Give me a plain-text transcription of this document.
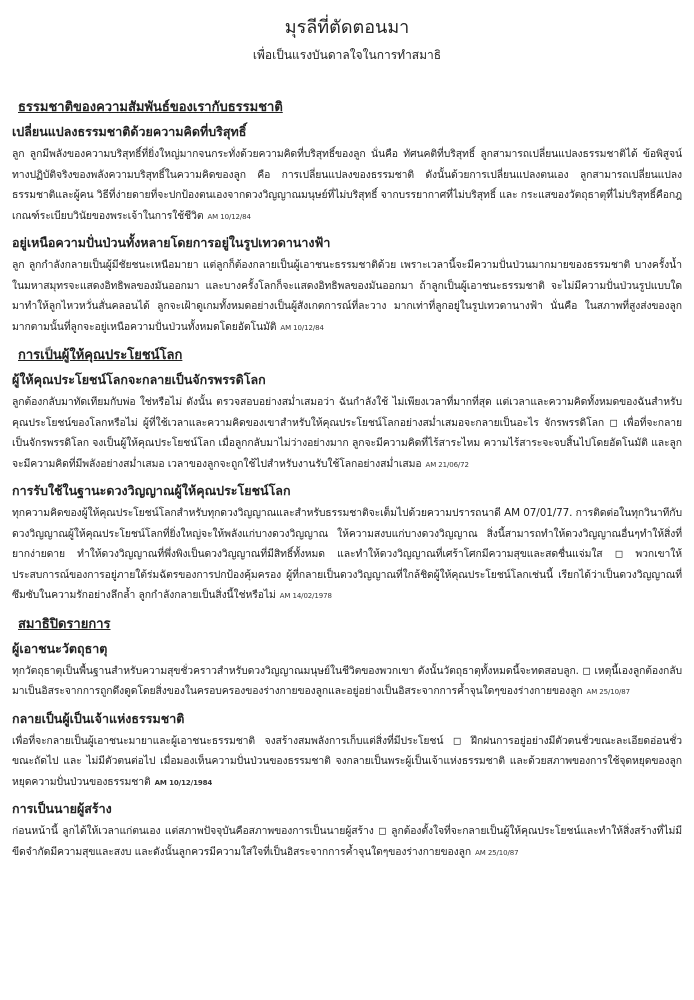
มุรลีที่ตัดตอนมา
เพื่อเป็นแรงบันดาลใจในการทำสมาธิ
ธรรมชาติของความสัมพันธ์ของเรากับธรรมชาติ
เปลี่ยนแปลงธรรมชาติด้วยความคิดที่บริสุทธิ์

ลูก ลูกมีพลังของความบริสุทธิ์ที่ยิ่งใหญ่มากจนกระทั่งด้วยความคิดที่บริสุทธิ์ของลูก นั่นคือ ทัศนคติที่บริสุทธิ์ ลูกสามารถเปลี่ยนแปลงธรรมชาติได้ ข้อพิสูจน์ทางปฏิบัติจริงของพลังความบริสุทธิ์ในความคิดของลูก คือ การเปลี่ยนแปลงของธรรมชาติ ดังนั้นด้วยการเปลี่ยนแปลงตนเอง ลูกสามารถเปลี่ยนแปลงธรรมชาติและผู้คน วิธีที่ง่ายดายที่จะปกป้องตนเองจากดวงวิญญาณมนุษย์ที่ไม่บริสุทธิ์ จากบรรยากาศที่ไม่บริสุทธิ์ และ กระแสของวัตถุธาตุที่ไม่บริสุทธิ์คือกฎเกณฑ์ระเบียบวินัยของพระเจ้าในการใช้ชีวิต AM 10/12/84

อยู่เหนือความปั่นป่วนทั้งหลายโดยการอยู่ในรูปเทวดานางฟ้า

ลูก ลูกกำลังกลายเป็นผู้มีชัยชนะเหนือมายา แต่ลูกก็ต้องกลายเป็นผู้เอาชนะธรรมชาติด้วย เพราะเวลานี้จะมีความปั่นป่วนมากมายของธรรมชาติ บางครั้งน้ำในมหาสมุทรจะแสดงอิทธิพลของมันออกมา และบางครั้งโลกก็จะแสดงอิทธิพลของมันออกมา ถ้าลูกเป็นผู้เอาชนะธรรมชาติ จะไม่มีความปั่นป่วนรูปแบบใดมาทำให้ลูกไหวหวั่นสั่นคลอนได้ ลูกจะเฝ้าดูเกมทั้งหมดอย่างเป็นผู้สังเกตการณ์ที่ละวาง มากเท่าที่ลูกอยู่ในรูปเทวดานางฟ้า นั่นคือ ในสภาพที่สูงส่งของลูก มากตามนั้นที่ลูกจะอยู่เหนือความปั่นป่วนทั้งหมดโดยอัตโนมัติ AM 10/12/84

การเป็นผู้ให้คุณประโยชน์โลก
ผู้ให้คุณประโยชน์โลกจะกลายเป็นจักรพรรดิโลก

ลูกต้องกลับมาทัดเทียมกับพ่อ ใช่หรือไม่ ดังนั้น ตรวจสอบอย่างสม่ำเสมอว่า ฉันกำลังใช้ ไม่เพียงเวลาที่มากที่สุด แต่เวลาและความคิดทั้งหมดของฉันสำหรับคุณประโยชน์ของโลกหรือไม่ ผู้ที่ใช้เวลาและความคิดของเขาสำหรับให้คุณประโยชน์โลกอย่างสม่ำเสมอจะกลายเป็นอะไร จักรพรรดิโลก ◻ เพื่อที่จะกลายเป็นจักรพรรดิโลก จงเป็นผู้ให้คุณประโยชน์โลก เมื่อลูกกลับมาไม่ว่างอย่างมาก ลูกจะมีความคิดที่ไร้สาระไหม ความไร้สาระจะจบสิ้นไปโดยอัตโนมัติ และลูกจะมีความคิดที่มีพลังอย่างสม่ำเสมอ เวลาของลูกจะถูกใช้ไปสำหรับงานรับใช้โลกอย่างสม่ำเสมอ AM 21/06/72

การรับใช้ในฐานะดวงวิญญาณผู้ให้คุณประโยชน์โลก

ทุกความคิดของผู้ให้คุณประโยชน์โลกสำหรับทุกดวงวิญญาณและสำหรับธรรมชาติจะเต็มไปด้วยความปรารถนาดี AM 07/01/77. การติดต่อในทุกวินาทีกับดวงวิญญาณผู้ให้คุณประโยชน์โลกที่ยิ่งใหญ่จะให้พลังแก่บางดวงวิญญาณ ให้ความสงบแก่บางดวงวิญญาณ สิ่งนี้สามารถทำให้ดวงวิญญาณอื่นๆทำให้สิ่งที่ยากง่ายดาย ทำให้ดวงวิญญาณที่พึ่งพิงเป็นดวงวิญญาณที่มีสิทธิ์ทั้งหมด และทำให้ดวงวิญญาณที่เศร้าโศกมีความสุขและสดชื่นแจ่มใส ◻ พวกเขาให้ประสบการณ์ของการอยู่ภายใต้ร่มฉัตรของการปกป้องคุ้มครอง ผู้ที่กลายเป็นดวงวิญญาณที่ใกล้ชิดผู้ให้คุณประโยชน์โลกเช่นนี้ เรียกได้ว่าเป็นดวงวิญญาณที่ซึมซับในความรักอย่างลึกล้ำ ลูกกำลังกลายเป็นสิ่งนี้ใช่หรือไม่ AM 14/02/1978

สมาธิปิดรายการ
ผู้เอาชนะวัตถุธาตุ

ทุกวัตถุธาตุเป็นพื้นฐานสำหรับความสุขชั่วคราวสำหรับดวงวิญญาณมนุษย์ในชีวิตของพวกเขา ดังนั้นวัตถุธาตุทั้งหมดนี้จะทดสอบลูก. ◻ เหตุนี้เองลูกต้องกลับมาเป็นอิสระจากการถูกดึงดูดโดยสิ่งของในครอบครองของร่างกายของลูกและอยู่อย่างเป็นอิสระจากการค้ำจุนใดๆของร่างกายของลูก AM 25/10/87

กลายเป็นผู้เป็นเจ้าแห่งธรรมชาติ

เพื่อที่จะกลายเป็นผู้เอาชนะมายาและผู้เอาชนะธรรมชาติ จงสร้างสมพลังการเก็บแต่สิ่งที่มีประโยชน์ ◻ ฝึกฝนการอยู่อย่างมีตัวตนชั่วขณะละเอียดอ่อนชั่วขณะถัดไป และ ไม่มีตัวตนต่อไป เมื่อมองเห็นความปั่นป่วนของธรรมชาติ จงกลายเป็นพระผู้เป็นเจ้าแห่งธรรมชาติ และด้วยสภาพของการใช้จุดหยุดของลูก หยุดความปั่นป่วนของธรรมชาติ AM 10/12/1984

การเป็นนายผู้สร้าง

ก่อนหน้านี้ ลูกได้ให้เวลาแก่ตนเอง แต่สภาพปัจจุบันคือสภาพของการเป็นนายผู้สร้าง ◻ ลูกต้องตั้งใจที่จะกลายเป็นผู้ให้คุณประโยชน์และทำให้สิ่งสร้างที่ไม่มีขีดจำกัดมีความสุขและสงบ และดังนั้นลูกควรมีความใส่ใจที่เป็นอิสระจากการค้ำจุนใดๆของร่างกายของลูก AM 25/10/87
